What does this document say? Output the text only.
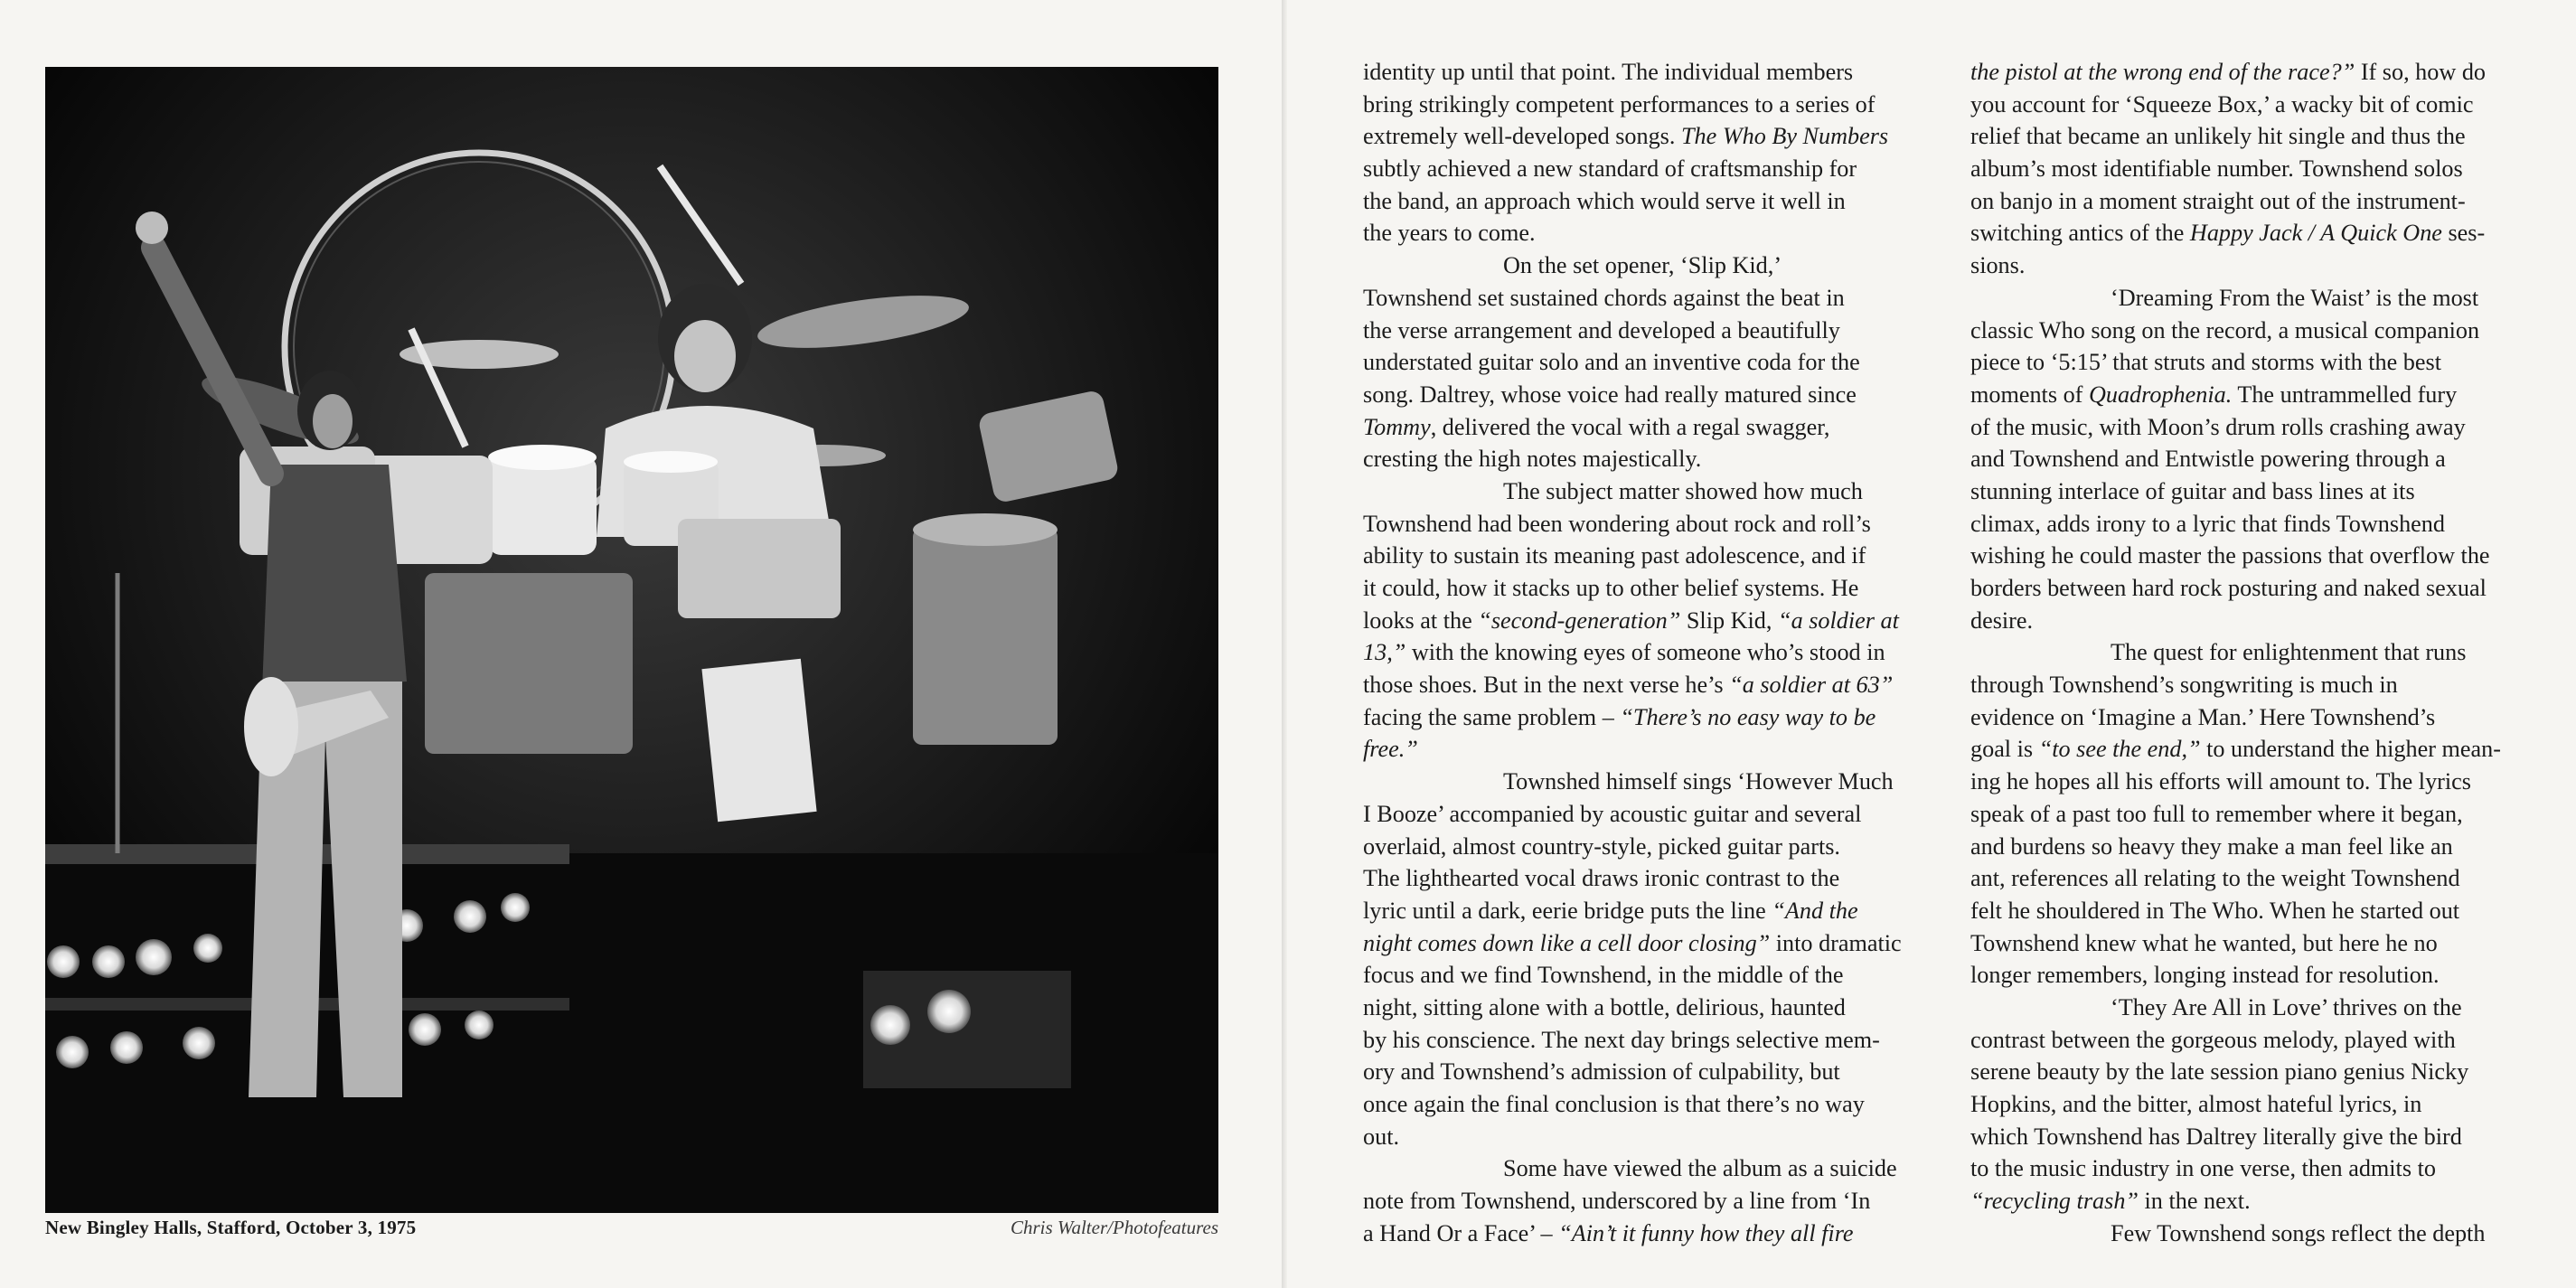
New Bingley Halls, Stafford, October 3, 1975	Chris Walter/Photofeatures
identity up until that point. The individual members
bring strikingly competent performances to a series of
extremely well-developed songs. The Who By Numbers
subtly achieved a new standard of craftsmanship for
the band, an approach which would serve it well in
the years to come.
On the set opener, ‘Slip Kid,’
Townshend set sustained chords against the beat in
the verse arrangement and developed a beautifully
understated guitar solo and an inventive coda for the
song. Daltrey, whose voice had really matured since
Tommy, delivered the vocal with a regal swagger,
cresting the high notes majestically.
The subject matter showed how much
Townshend had been wondering about rock and roll’s
ability to sustain its meaning past adolescence, and if
it could, how it stacks up to other belief systems. He
looks at the “second-generation” Slip Kid, “a soldier at
13,” with the knowing eyes of someone who’s stood in
those shoes. But in the next verse he’s “a soldier at 63”
facing the same problem – “There’s no easy way to be
free.”
Townshed himself sings ‘However Much
I Booze’ accompanied by acoustic guitar and several
overlaid, almost country-style, picked guitar parts.
The lighthearted vocal draws ironic contrast to the
lyric until a dark, eerie bridge puts the line “And the
night comes down like a cell door closing” into dramatic
focus and we find Townshend, in the middle of the
night, sitting alone with a bottle, delirious, haunted
by his conscience. The next day brings selective mem-
ory and Townshend’s admission of culpability, but
once again the final conclusion is that there’s no way
out.
Some have viewed the album as a suicide
note from Townshend, underscored by a line from ‘In
a Hand Or a Face’ – “Ain’t it funny how they all fire
the pistol at the wrong end of the race?” If so, how do
you account for ‘Squeeze Box,’ a wacky bit of comic
relief that became an unlikely hit single and thus the
album’s most identifiable number. Townshend solos
on banjo in a moment straight out of the instrument-
switching antics of the Happy Jack / A Quick One ses-
sions.
‘Dreaming From the Waist’ is the most
classic Who song on the record, a musical companion
piece to ‘5:15’ that struts and storms with the best
moments of Quadrophenia. The untrammelled fury
of the music, with Moon’s drum rolls crashing away
and Townshend and Entwistle powering through a
stunning interlace of guitar and bass lines at its
climax, adds irony to a lyric that finds Townshend
wishing he could master the passions that overflow the
borders between hard rock posturing and naked sexual
desire.
The quest for enlightenment that runs
through Townshend’s songwriting is much in
evidence on ‘Imagine a Man.’ Here Townshend’s
goal is “to see the end,” to understand the higher mean-
ing he hopes all his efforts will amount to. The lyrics
speak of a past too full to remember where it began,
and burdens so heavy they make a man feel like an
ant, references all relating to the weight Townshend
felt he shouldered in The Who. When he started out
Townshend knew what he wanted, but here he no
longer remembers, longing instead for resolution.
‘They Are All in Love’ thrives on the
contrast between the gorgeous melody, played with
serene beauty by the late session piano genius Nicky
Hopkins, and the bitter, almost hateful lyrics, in
which Townshend has Daltrey literally give the bird
to the music industry in one verse, then admits to
“recycling trash” in the next.
Few Townshend songs reflect the depth
